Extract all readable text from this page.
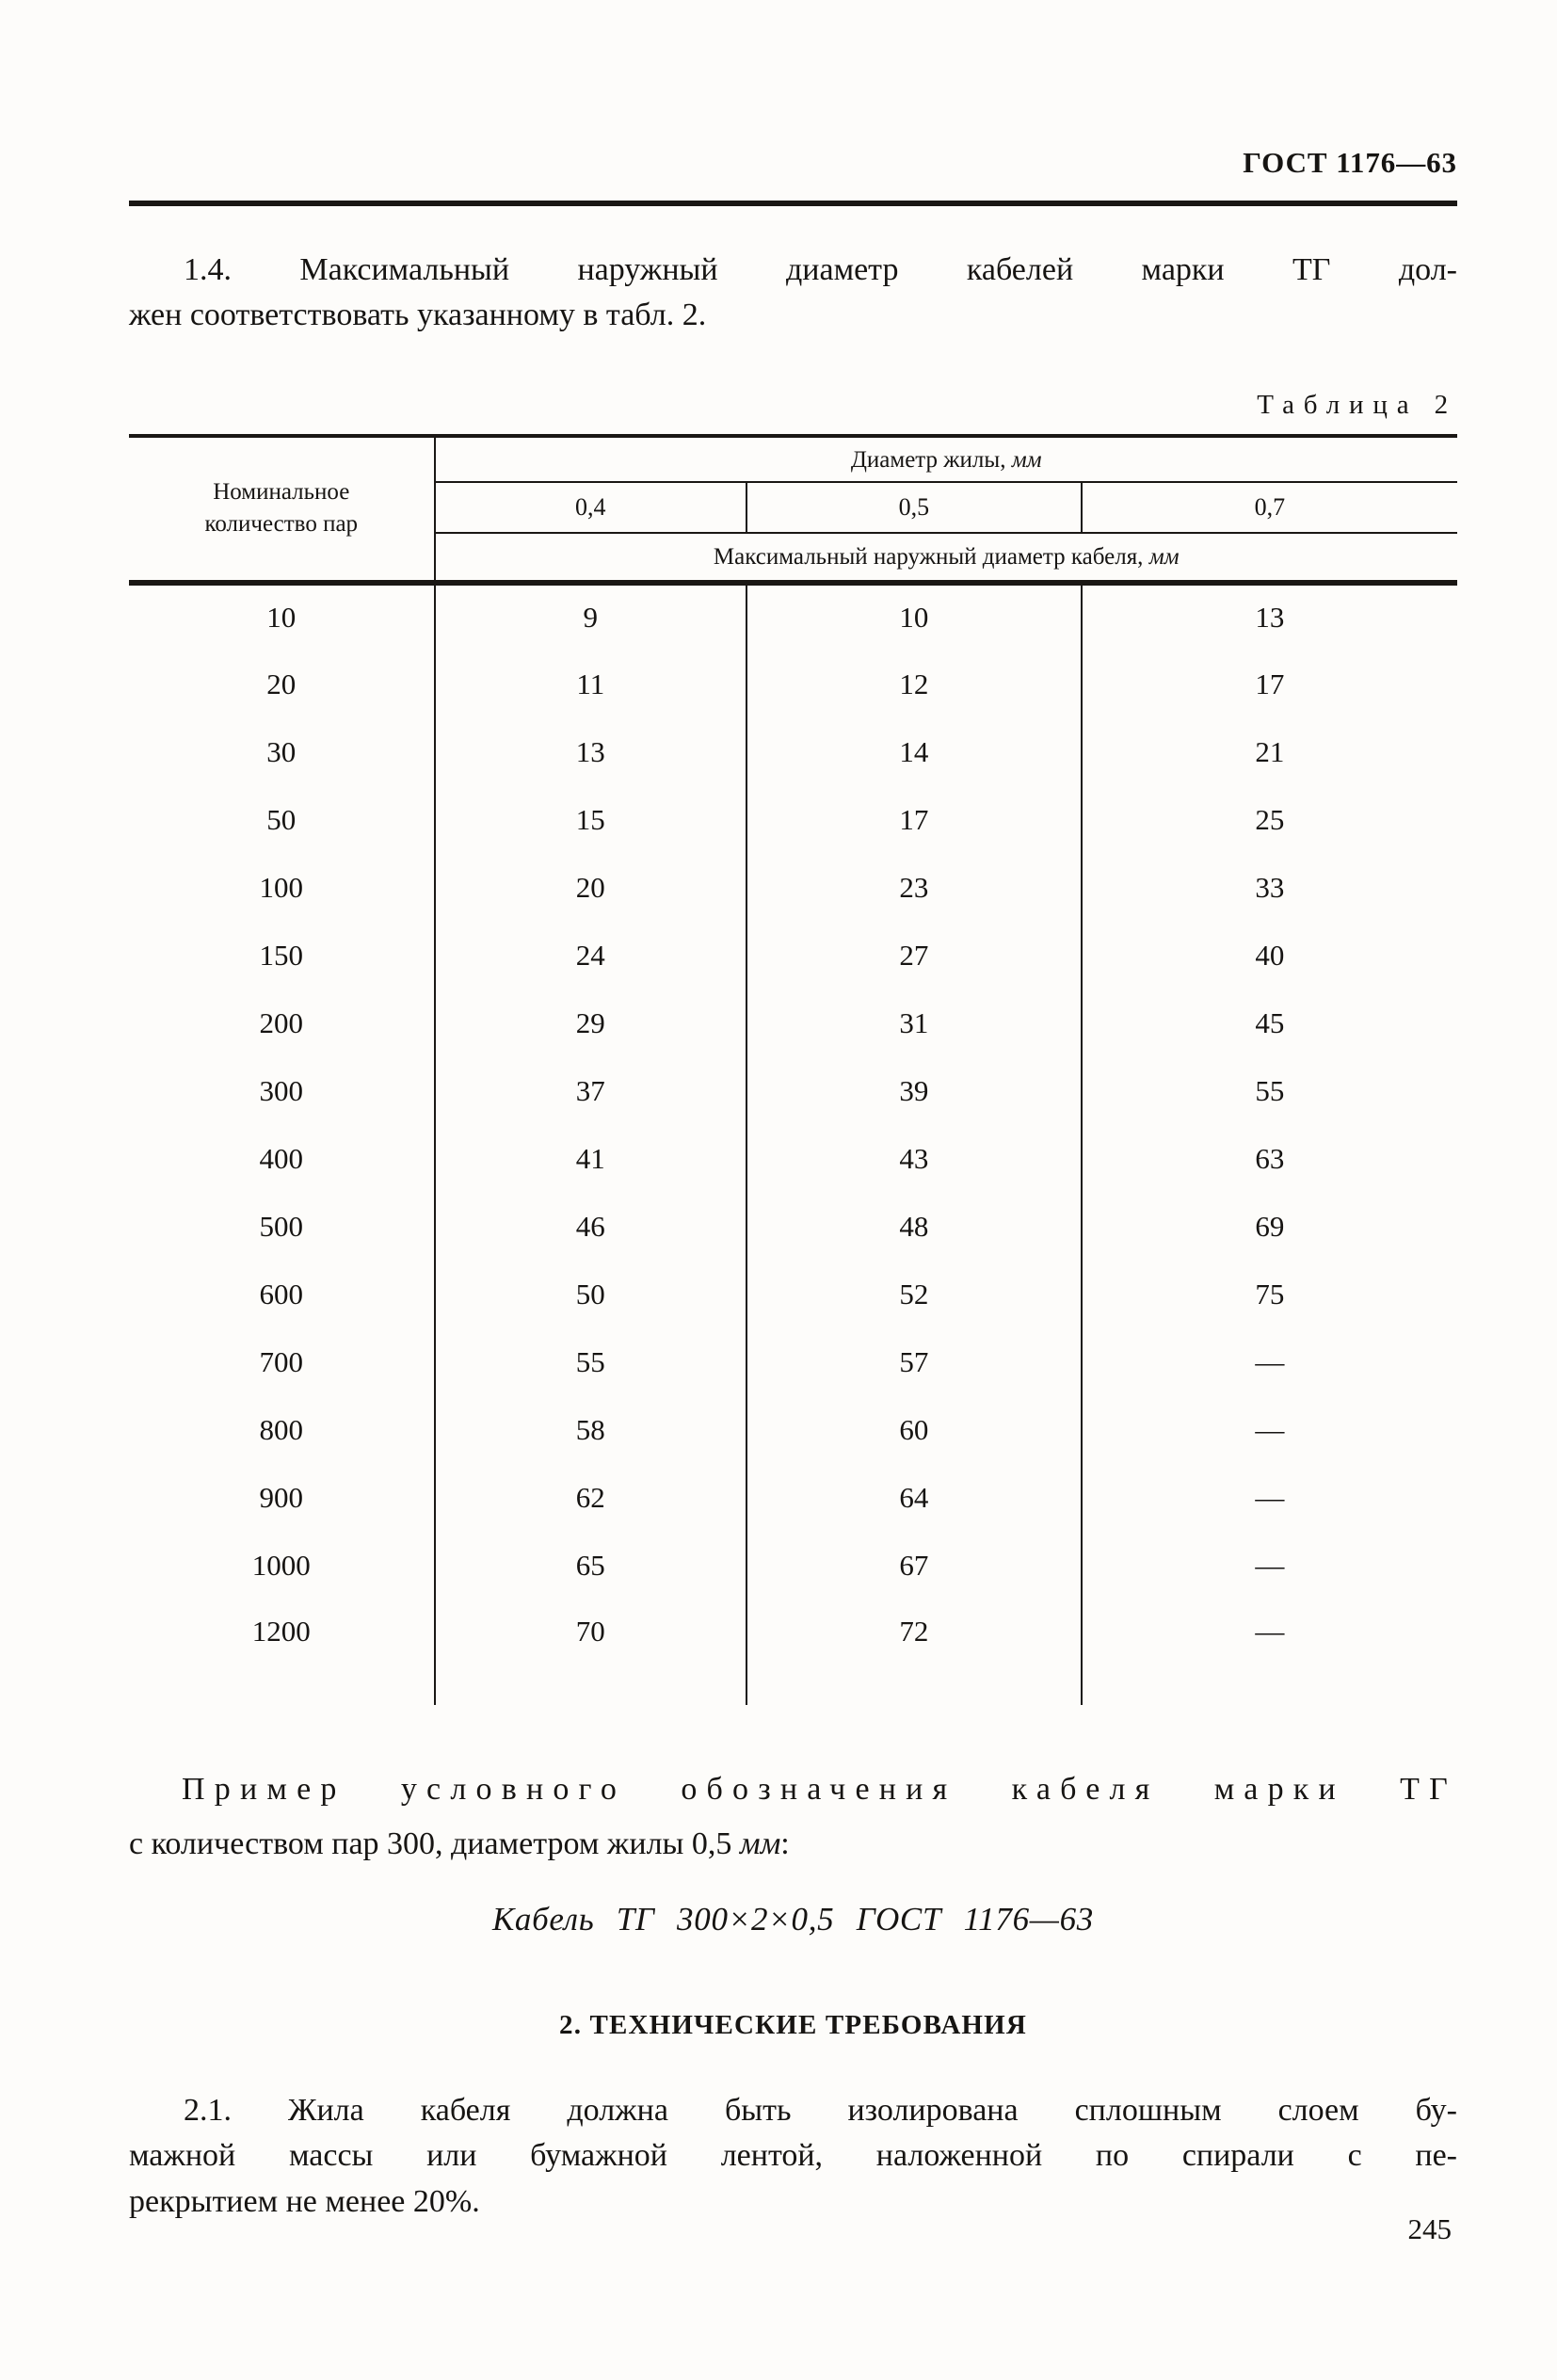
ГОСТ 1176—63
1.4. Максимальный наружный диаметр кабелей марки ТГ дол-
жен соответствовать указанному в табл. 2.
Таблица 2
Номинальное количество пар	Диаметр жилы, мм		
	0,4	0,5	0,7
	Максимальный наружный диаметр кабеля, мм		
10	9	10	13
20	11	12	17
30	13	14	21
50	15	17	25
100	20	23	33
150	24	27	40
200	29	31	45
300	37	39	55
400	41	43	63
500	46	48	69
600	50	52	75
700	55	57	—
800	58	60	—
900	62	64	—
1000	65	67	—
1200	70	72	—
Пример условного обозначения кабеля марки ТГ
с количеством пар 300, диаметром жилы 0,5 мм:
Кабель ТГ 300×2×0,5 ГОСТ 1176—63
2. ТЕХНИЧЕСКИЕ ТРЕБОВАНИЯ
2.1. Жила кабеля должна быть изолирована сплошным слоем бу-
мажной массы или бумажной лентой, наложенной по спирали с пе-
рекрытием не менее 20%.
245
